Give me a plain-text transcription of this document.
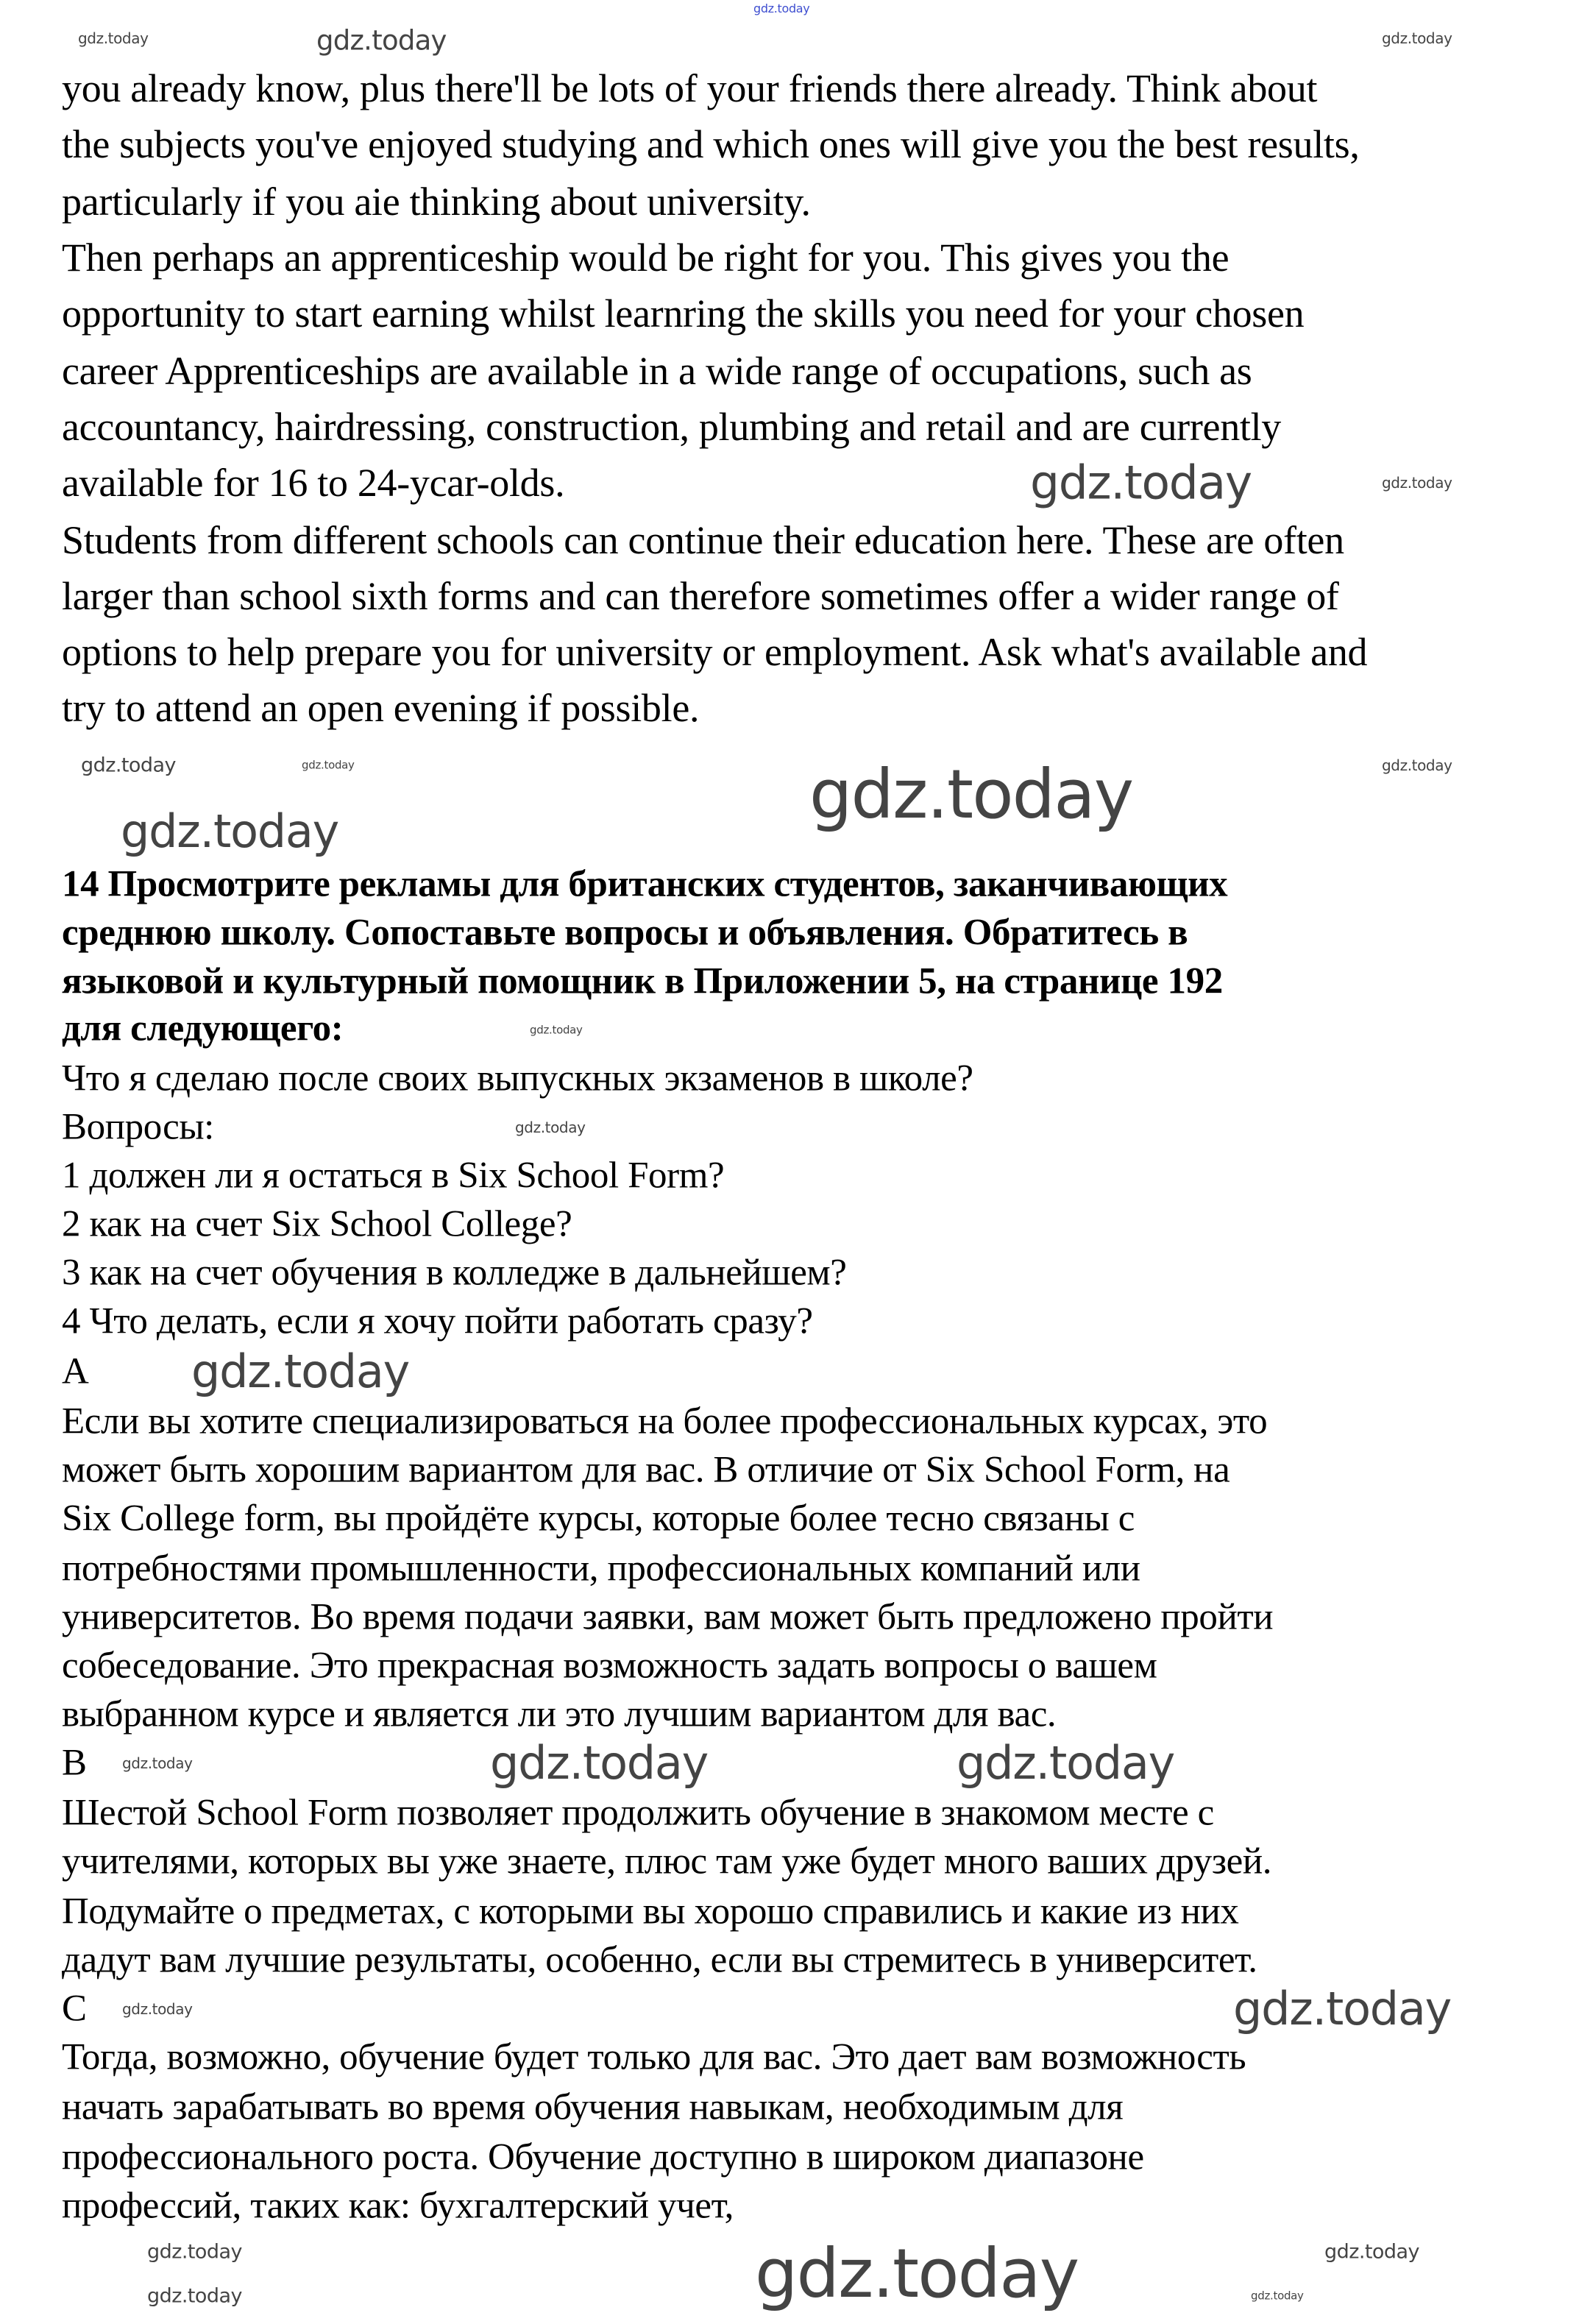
you already know, plus there'll be lots of your friends there already. Think about
the subjects you've enjoyed studying and which ones will give you the best results,
particularly if you aie thinking about university.
Then perhaps an apprenticeship would be right for you. This gives you the
opportunity to start earning whilst learnring the skills you need for your chosen
career Apprenticeships are available in a wide range of occupations, such as
accountancy, hairdressing, construction, plumbing and retail and are currently
available for 16 to 24-ycar-olds.
Students from different schools can continue their education here. These are often
larger than school sixth forms and can therefore sometimes offer a wider range of
options to help prepare you for university or employment. Ask what's available and
try to attend an open evening if possible.
14 Просмотрите рекламы для британских студентов, заканчивающих
среднюю школу. Сопоставьте вопросы и объявления. Обратитесь в
языковой и культурный помощник в Приложении 5, на странице 192
для следующего:
Что я сделаю после своих выпускных экзаменов в школе?
Вопросы:
1 должен ли я остаться в Six School Form?
2 как на счет Six School College?
3 как на счет обучения в колледже в дальнейшем?
4 Что делать, если я хочу пойти работать сразу?
A
Если вы хотите специализироваться на более профессиональных курсах, это
может быть хорошим вариантом для вас. В отличие от Six School Form, на
Six College form, вы пройдёте курсы, которые более тесно связаны с
потребностями промышленности, профессиональных компаний или
университетов. Во время подачи заявки, вам может быть предложено пройти
собеседование. Это прекрасная возможность задать вопросы о вашем
выбранном курсе и является ли это лучшим вариантом для вас.
B
Шестой School Form позволяет продолжить обучение в знакомом месте с
учителями, которых вы уже знаете, плюс там уже будет много ваших друзей.
Подумайте о предметах, с которыми вы хорошо справились и какие из них
дадут вам лучшие результаты, особенно, если вы стремитесь в университет.
C
Тогда, возможно, обучение будет только для вас. Это дает вам возможность
начать зарабатывать во время обучения навыкам, необходимым для
профессионального роста. Обучение доступно в широком диапазоне
профессий, таких как: бухгалтерский учет,
gdz.today
gdz.today	gdz.today	gdz.today
gdz.today	gdz.today
gdz.today	gdz.today	gdz.today	gdz.today
gdz.today
gdz.today
gdz.today
gdz.today
gdz.today	gdz.today	gdz.today
gdz.today	gdz.today
gdz.today
gdz.today	gdz.today	gdz.today
gdz.today
